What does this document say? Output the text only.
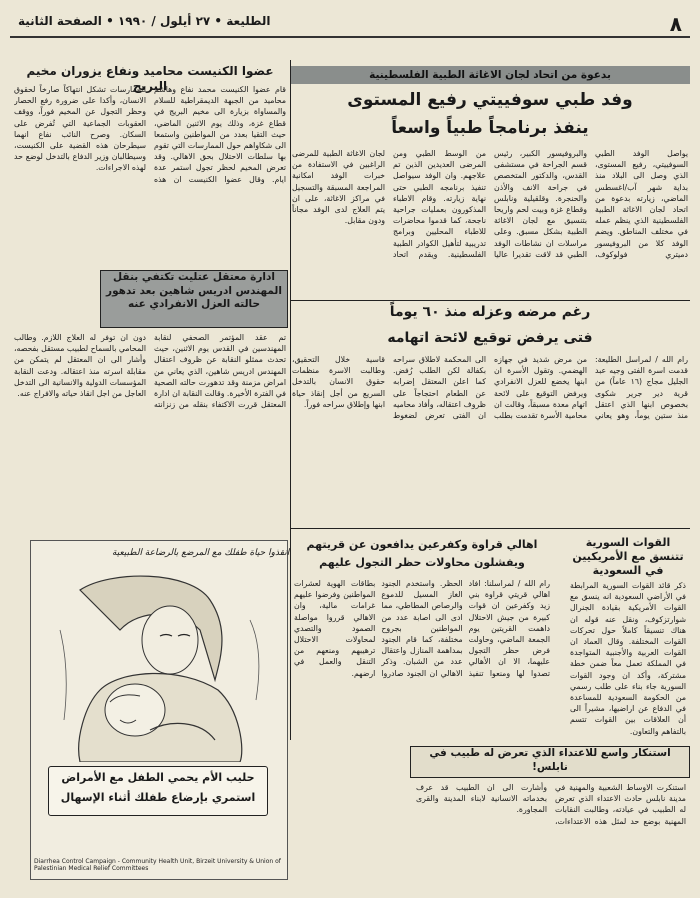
٨
الطليعة • ٢٧ أيلول / ١٩٩٠ • الصفحة الثانية
بدعوة من اتحاد لجان الاغاثة الطبية الفلسطينية
وفد طبي سوفييتي رفيع المستوى
ينفذ برنامجاً طبياً واسعاً
يواصل الوفد الطبي السوفييتي، رفيع المستوى، الذي وصل الى البلاد منذ بداية شهر آب/اغسطس الماضي، زيارته بدعوة من اتحاد لجان الاغاثة الطبية الفلسطينية الذي ينظم عمله في مختلف المناطق. ويضم الوفد كلا من البروفيسور دميتري فولوكوف، والبروفيسور الكبير، رئيس قسم الجراحة في مستشفى القدس، والدكتور المتخصص في جراحة الانف والأذن والحنجرة. وقلقيلية ونابلس وقطاع غزة وبيت لحم واريحا بتنسيق مع لجان الاغاثة الطبية بشكل مسبق. وعلى مراسلات ان نشاطات الوفد الطبي قد لاقت تقديرا عاليا من الوسط الطبي ومن المرضى العديدين الذين تم علاجهم. وان الوفد سيواصل تنفيذ برنامجه الطبي حتى نهاية زيارته. وقام الاطباء المذكورون بعمليات جراحية ناجحة، كما قدموا محاضرات للاطباء المحليين وبرامج تدريبية لتأهيل الكوادر الطبية الفلسطينية. ويقدم اتحاد لجان الاغاثة الطبية للمرضى الراغبين في الاستفادة من خبرات الوفد امكانية المراجعة المسبقة والتسجيل في مراكز الاغاثة، على ان يتم العلاج لدى الوفد مجاناً ودون مقابل.
رغم مرضه وعزله منذ ٦٠ يوماً
فتى يرفض توقيع لائحة اتهامه
رام الله / لمراسل الطليعة: قدمت اسرة الفتى وجيه عبد الجليل مجاج (١٦ عاماً) من قرية دير جرير شكوى بخصوص ابنها الذي اعتقل منذ ستين يوماً، وهو يعاني من مرض شديد في جهازه الهضمي. وتقول الأسرة ان ابنها يخضع للعزل الانفرادي ويرفض التوقيع على لائحة اتهام معدة مسبقاً، وقالت ان محامية الأسرة تقدمت بطلب الى المحكمة لاطلاق سراحه بكفالة لكن الطلب رُفض. كما اعلن المعتقل إضرابه عن الطعام احتجاجاً على ظروف اعتقاله، وأفاد محاميه ان الفتى تعرض لضغوط قاسية خلال التحقيق، وطالبت الاسرة منظمات حقوق الانسان بالتدخل السريع من أجل إنقاذ حياة ابنها وإطلاق سراحه فوراً.
القوات السورية تتنسق مع الأمريكيين في السعودية
ذكر قائد القوات السورية المرابطة في الأراضي السعودية انه ينسق مع القوات الأمريكية بقيادة الجنرال شوارتزكوف، ونقل عنه قوله ان هناك تنسيقاً كاملاً حول تحركات القوات المختلفة. وقال العماد ان القوات العربية والأجنبية المتواجدة في المملكة تعمل معاً ضمن خطة مشتركة، وأكد ان وجود القوات السورية جاء بناء على طلب رسمي من الحكومة السعودية للمساعدة في الدفاع عن اراضيها، مشيراً الى أن العلاقات بين القوات تتسم بالتفاهم والتعاون.
استنكار واسع للاعتداء الذي تعرض له طبيب في نابلس!
استنكرت الاوساط الشعبية والمهنية في مدينة نابلس حادث الاعتداء الذي تعرض له الطبيب في عيادته، وطالبت النقابات المهنية بوضع حد لمثل هذه الاعتداءات، وأشارت الى ان الطبيب قد عرف بخدماته الانسانية لابناء المدينة والقرى المجاورة.
اهالي قراوة وكفرعين يدافعون عن قريتهم
ويفشلون محاولات حظر التجول عليهم
رام الله / لمراسلنا: افاد اهالي قريتي قراوة بني زيد وكفرعين ان قوات كبيرة من جيش الاحتلال داهمت القريتين يوم الجمعة الماضي، وحاولت فرض حظر التجول عليهما، الا ان الأهالي تصدوا لها ومنعوا تنفيذ الحظر. واستخدم الجنود الغاز المسيل للدموع والرصاص المطاطي، مما ادى الى اصابة عدد من المواطنين بجروح مختلفة، كما قام الجنود بمداهمة المنازل واعتقال عدد من الشبان. وذكر الاهالي ان الجنود صادروا بطاقات الهوية لعشرات المواطنين وفرضوا عليهم غرامات مالية، وان الاهالي قرروا مواصلة الصمود والتصدي لمحاولات الاحتلال ترهيبهم ومنعهم من التنقل والعمل في ارضهم.
عضوا الكنيست محاميد ونفاع يزوران مخيم البريج
قام عضوا الكنيست محمد نفاع وهاشم محاميد من الجبهة الديمقراطية للسلام والمساواة بزيارة الى مخيم البريج في قطاع غزة، وذلك يوم الاثنين الماضي، حيث التقيا بعدد من المواطنين واستمعا الى شكاواهم حول الممارسات التي تقوم بها سلطات الاحتلال بحق الاهالي. وقد تعرض المخيم لحظر تجول استمر عدة ايام. وقال عضوا الكنيست ان هذه الممارسات تشكل انتهاكاً صارخاً لحقوق الانسان، وأكدا على ضرورة رفع الحصار وحظر التجول عن المخيم فوراً، ووقف العقوبات الجماعية التي تُفرض على السكان. وصرح النائب نفاع انهما سيطرحان هذه القضية على الكنيست، وسيطالبان وزير الدفاع بالتدخل لوضع حد لهذه الاجراءات.
ادارة معتقل عتليت تكتفي بنقل المهندس ادريس شاهين بعد تدهور حالته العزل الانفرادي عنه
تم عقد المؤتمر الصحفي لنقابة المهندسين في القدس يوم الاثنين، حيث تحدث ممثلو النقابة عن ظروف اعتقال المهندس ادريس شاهين، الذي يعاني من امراض مزمنة وقد تدهورت حالته الصحية في الفترة الأخيرة. وقالت النقابة ان ادارة المعتقل قررت الاكتفاء بنقله من زنزانته دون ان توفر له العلاج اللازم. وطالب المحامي بالسماح لطبيب مستقل بفحصه، وأشار الى ان المعتقل لم يتمكن من مقابلة اسرته منذ اعتقاله. ودعت النقابة المؤسسات الدولية والانسانية الى التدخل العاجل من اجل انقاذ حياته والافراج عنه.
انقذوا حياة طفلك مع المرضع بالرضاعة الطبيعية
حليب الأم يحمي الطفل مع الأمراض
استمري بإرضاع طفلك أثناء الإسهال
Diarrhea Control Campaign - Community Health Unit, Birzeit University & Union of Palestinian Medical Relief Committees
